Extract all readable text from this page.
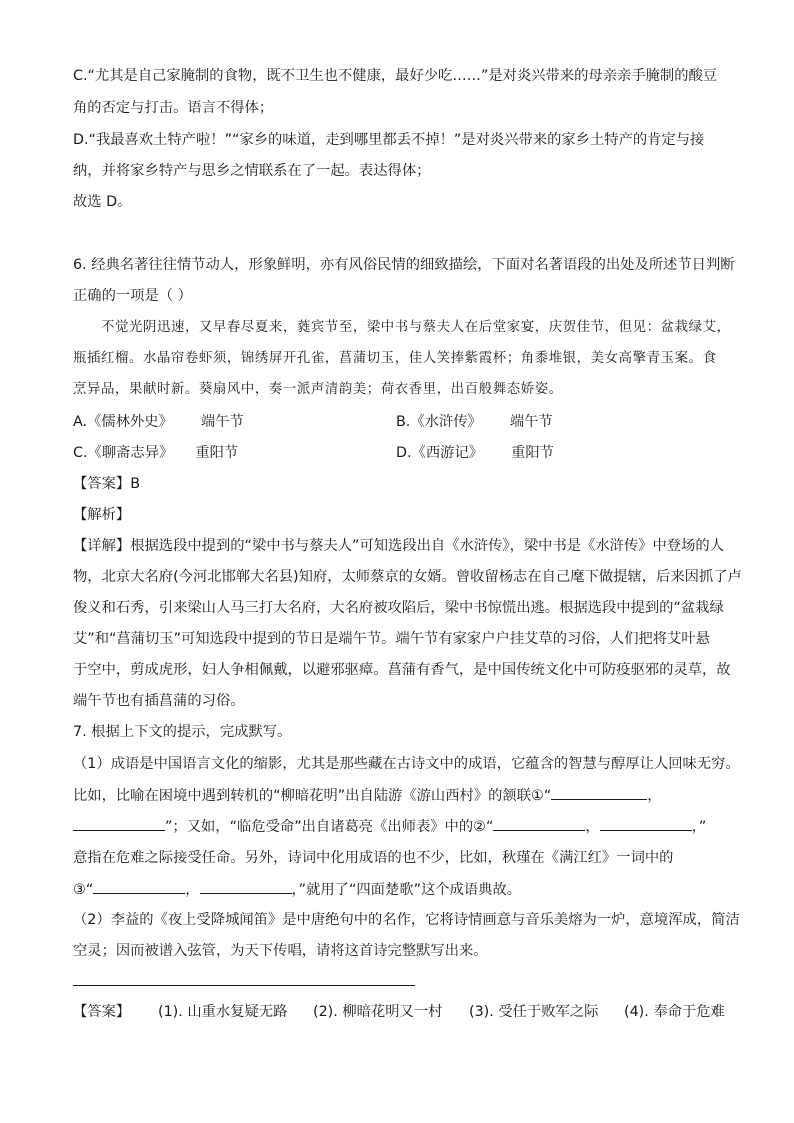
C.“尤其是自己家腌制的食物，既不卫生也不健康，最好少吃……”是对炎兴带来的母亲亲手腌制的酸豆
角的否定与打击。语言不得体；
D.“我最喜欢土特产啦！”“家乡的味道，走到哪里都丢不掉！”是对炎兴带来的家乡土特产的肯定与接
纳，并将家乡特产与思乡之情联系在了一起。表达得体；
故选 D。
6. 经典名著往往情节动人，形象鲜明，亦有风俗民情的细致描绘，下面对名著语段的出处及所述节日判断
正确的一项是（ ）
不觉光阴迅速，又早春尽夏来，蕤宾节至，梁中书与蔡夫人在后堂家宴，庆贺佳节，但见：盆栽绿艾，
瓶插红榴。水晶帘卷虾须，锦绣屏开孔雀，菖蒲切玉，佳人笑捧紫霞杯；角黍堆银，美女高擎青玉案。食
烹异品，果献时新。葵扇风中，奏一派声清韵美；荷衣香里，出百般舞态娇姿。
A.《儒林外史》 端午节	B.《水浒传》 端午节
C.《聊斋志异》 重阳节	D.《西游记》 重阳节
【答案】B
【解析】
【详解】根据选段中提到的“梁中书与蔡夫人”可知选段出自《水浒传》，梁中书是《水浒传》中登场的人
物，北京大名府(今河北邯郸大名县)知府，太师蔡京的女婿。曾收留杨志在自己麾下做提辖，后来因抓了卢
俊义和石秀，引来梁山人马三打大名府，大名府被攻陷后，梁中书惊慌出逃。根据选段中提到的“盆栽绿
艾”和“菖蒲切玉”可知选段中提到的节日是端午节。端午节有家家户户挂艾草的习俗，人们把将艾叶悬
于空中，剪成虎形，妇人争相佩戴，以避邪驱瘴。菖蒲有香气，是中国传统文化中可防疫驱邪的灵草，故
端午节也有插菖蒲的习俗。
7. 根据上下文的提示，完成默写。
（1）成语是中国语言文化的缩影，尤其是那些藏在古诗文中的成语，它蕴含的智慧与醇厚让人回味无穷。
比如，比喻在困境中遇到转机的“柳暗花明”出自陆游《游山西村》的颔联①“	，
”；又如，“临危受命”出自诸葛亮《出师表》中的②“	，	，”
意指在危难之际接受任命。另外，诗词中化用成语的也不少，比如，秋瑾在《满江红》一词中的
③“	，	，”就用了“四面楚歌”这个成语典故。
（2）李益的《夜上受降城闻笛》是中唐绝句中的名作，它将诗情画意与音乐美熔为一炉，意境浑成，简洁
空灵；因而被谱入弦管，为天下传唱，请将这首诗完整默写出来。
【答案】 (1). 山重水复疑无路 (2). 柳暗花明又一村 (3). 受任于败军之际 (4). 奉命于危难
